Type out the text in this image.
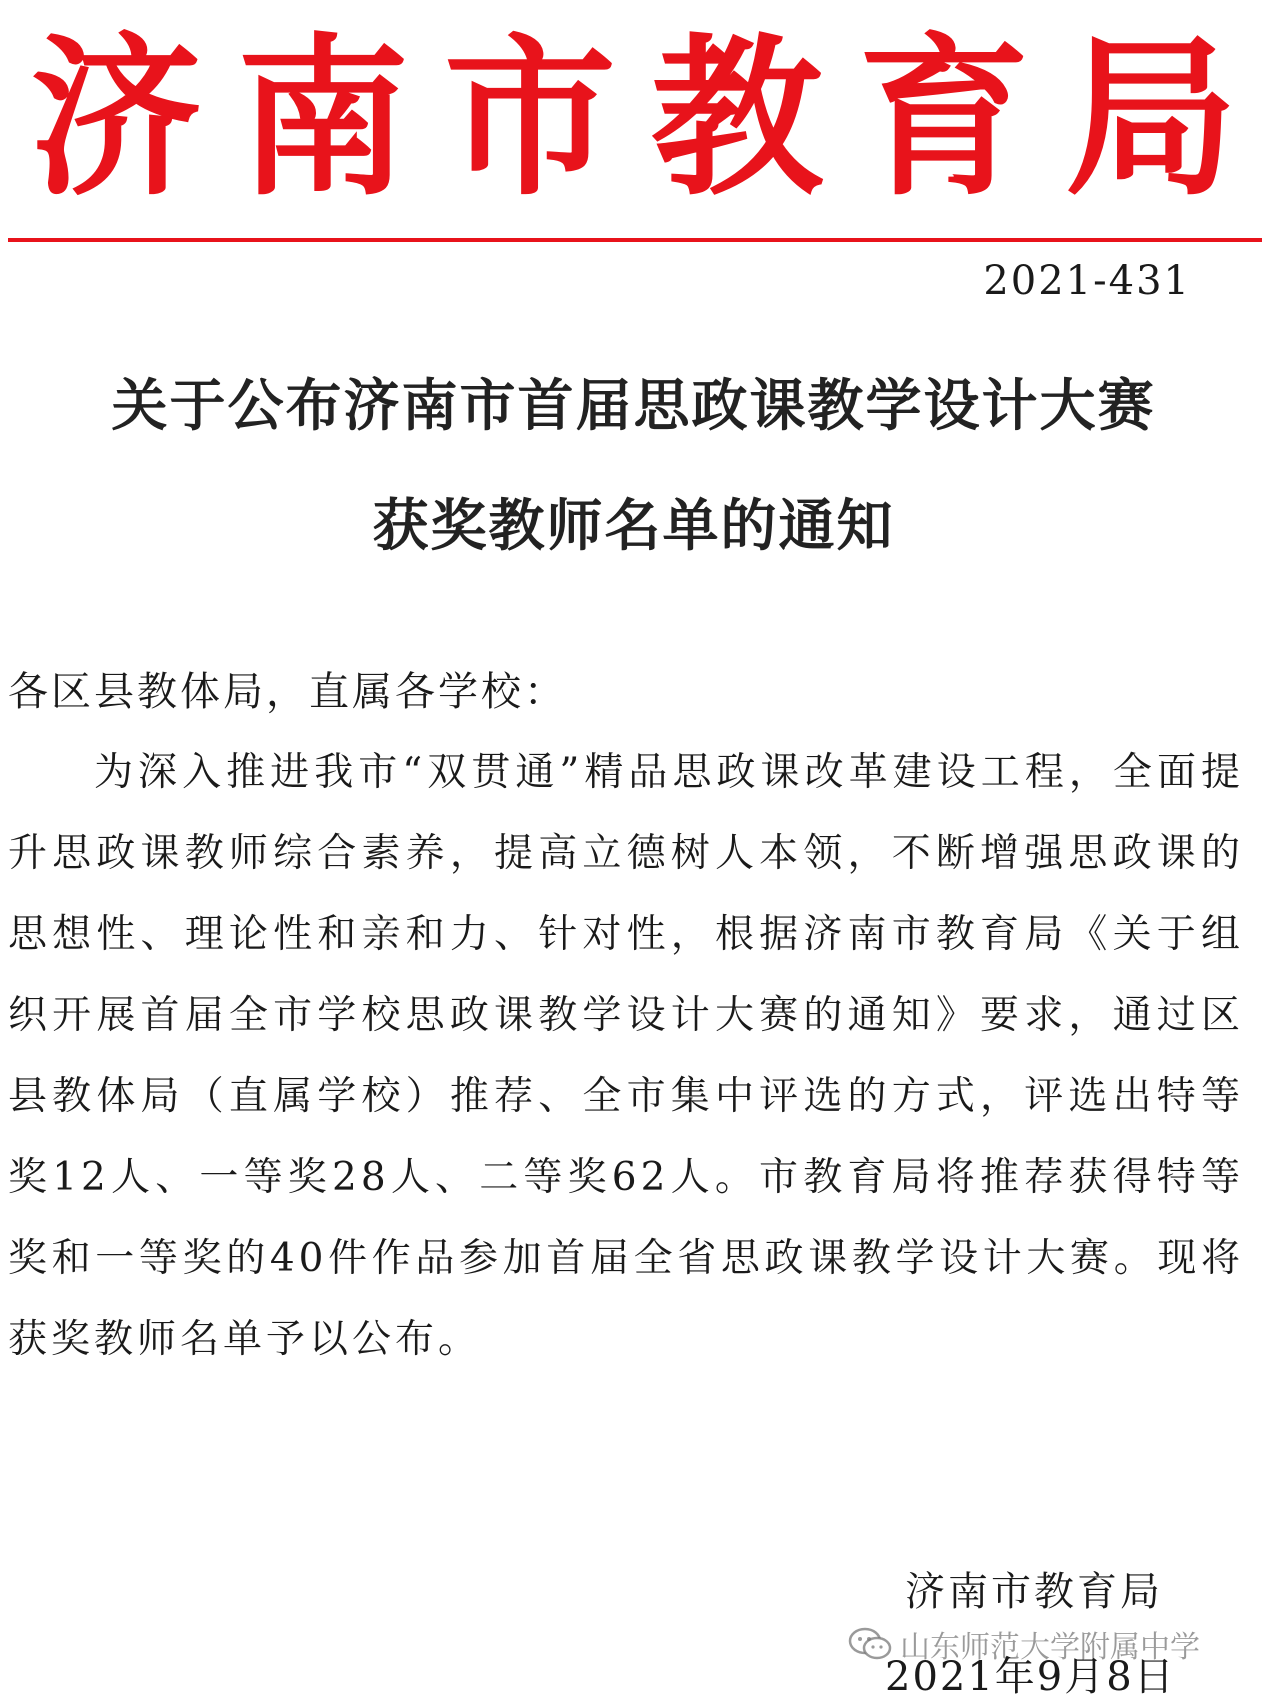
济 南 市 教 育 局
2021-431
关于公布济南市首届思政课教学设计大赛
获奖教师名单的通知
各区县教体局，直属各学校：

为深入推进我市“双贯通”精品思政课改革建设工程，全面提升思政课教师综合素养，提高立德树人本领，不断增强思政课的思想性、理论性和亲和力、针对性，根据济南市教育局《关于组织开展首届全市学校思政课教学设计大赛的通知》要求，通过区县教体局（直属学校）推荐、全市集中评选的方式，评选出特等奖12人、一等奖28人、二等奖62人。市教育局将推荐获得特等奖和一等奖的40件作品参加首届全省思政课教学设计大赛。现将获奖教师名单予以公布。

济南市教育局
山东师范大学附属中学
2021年9月8日
